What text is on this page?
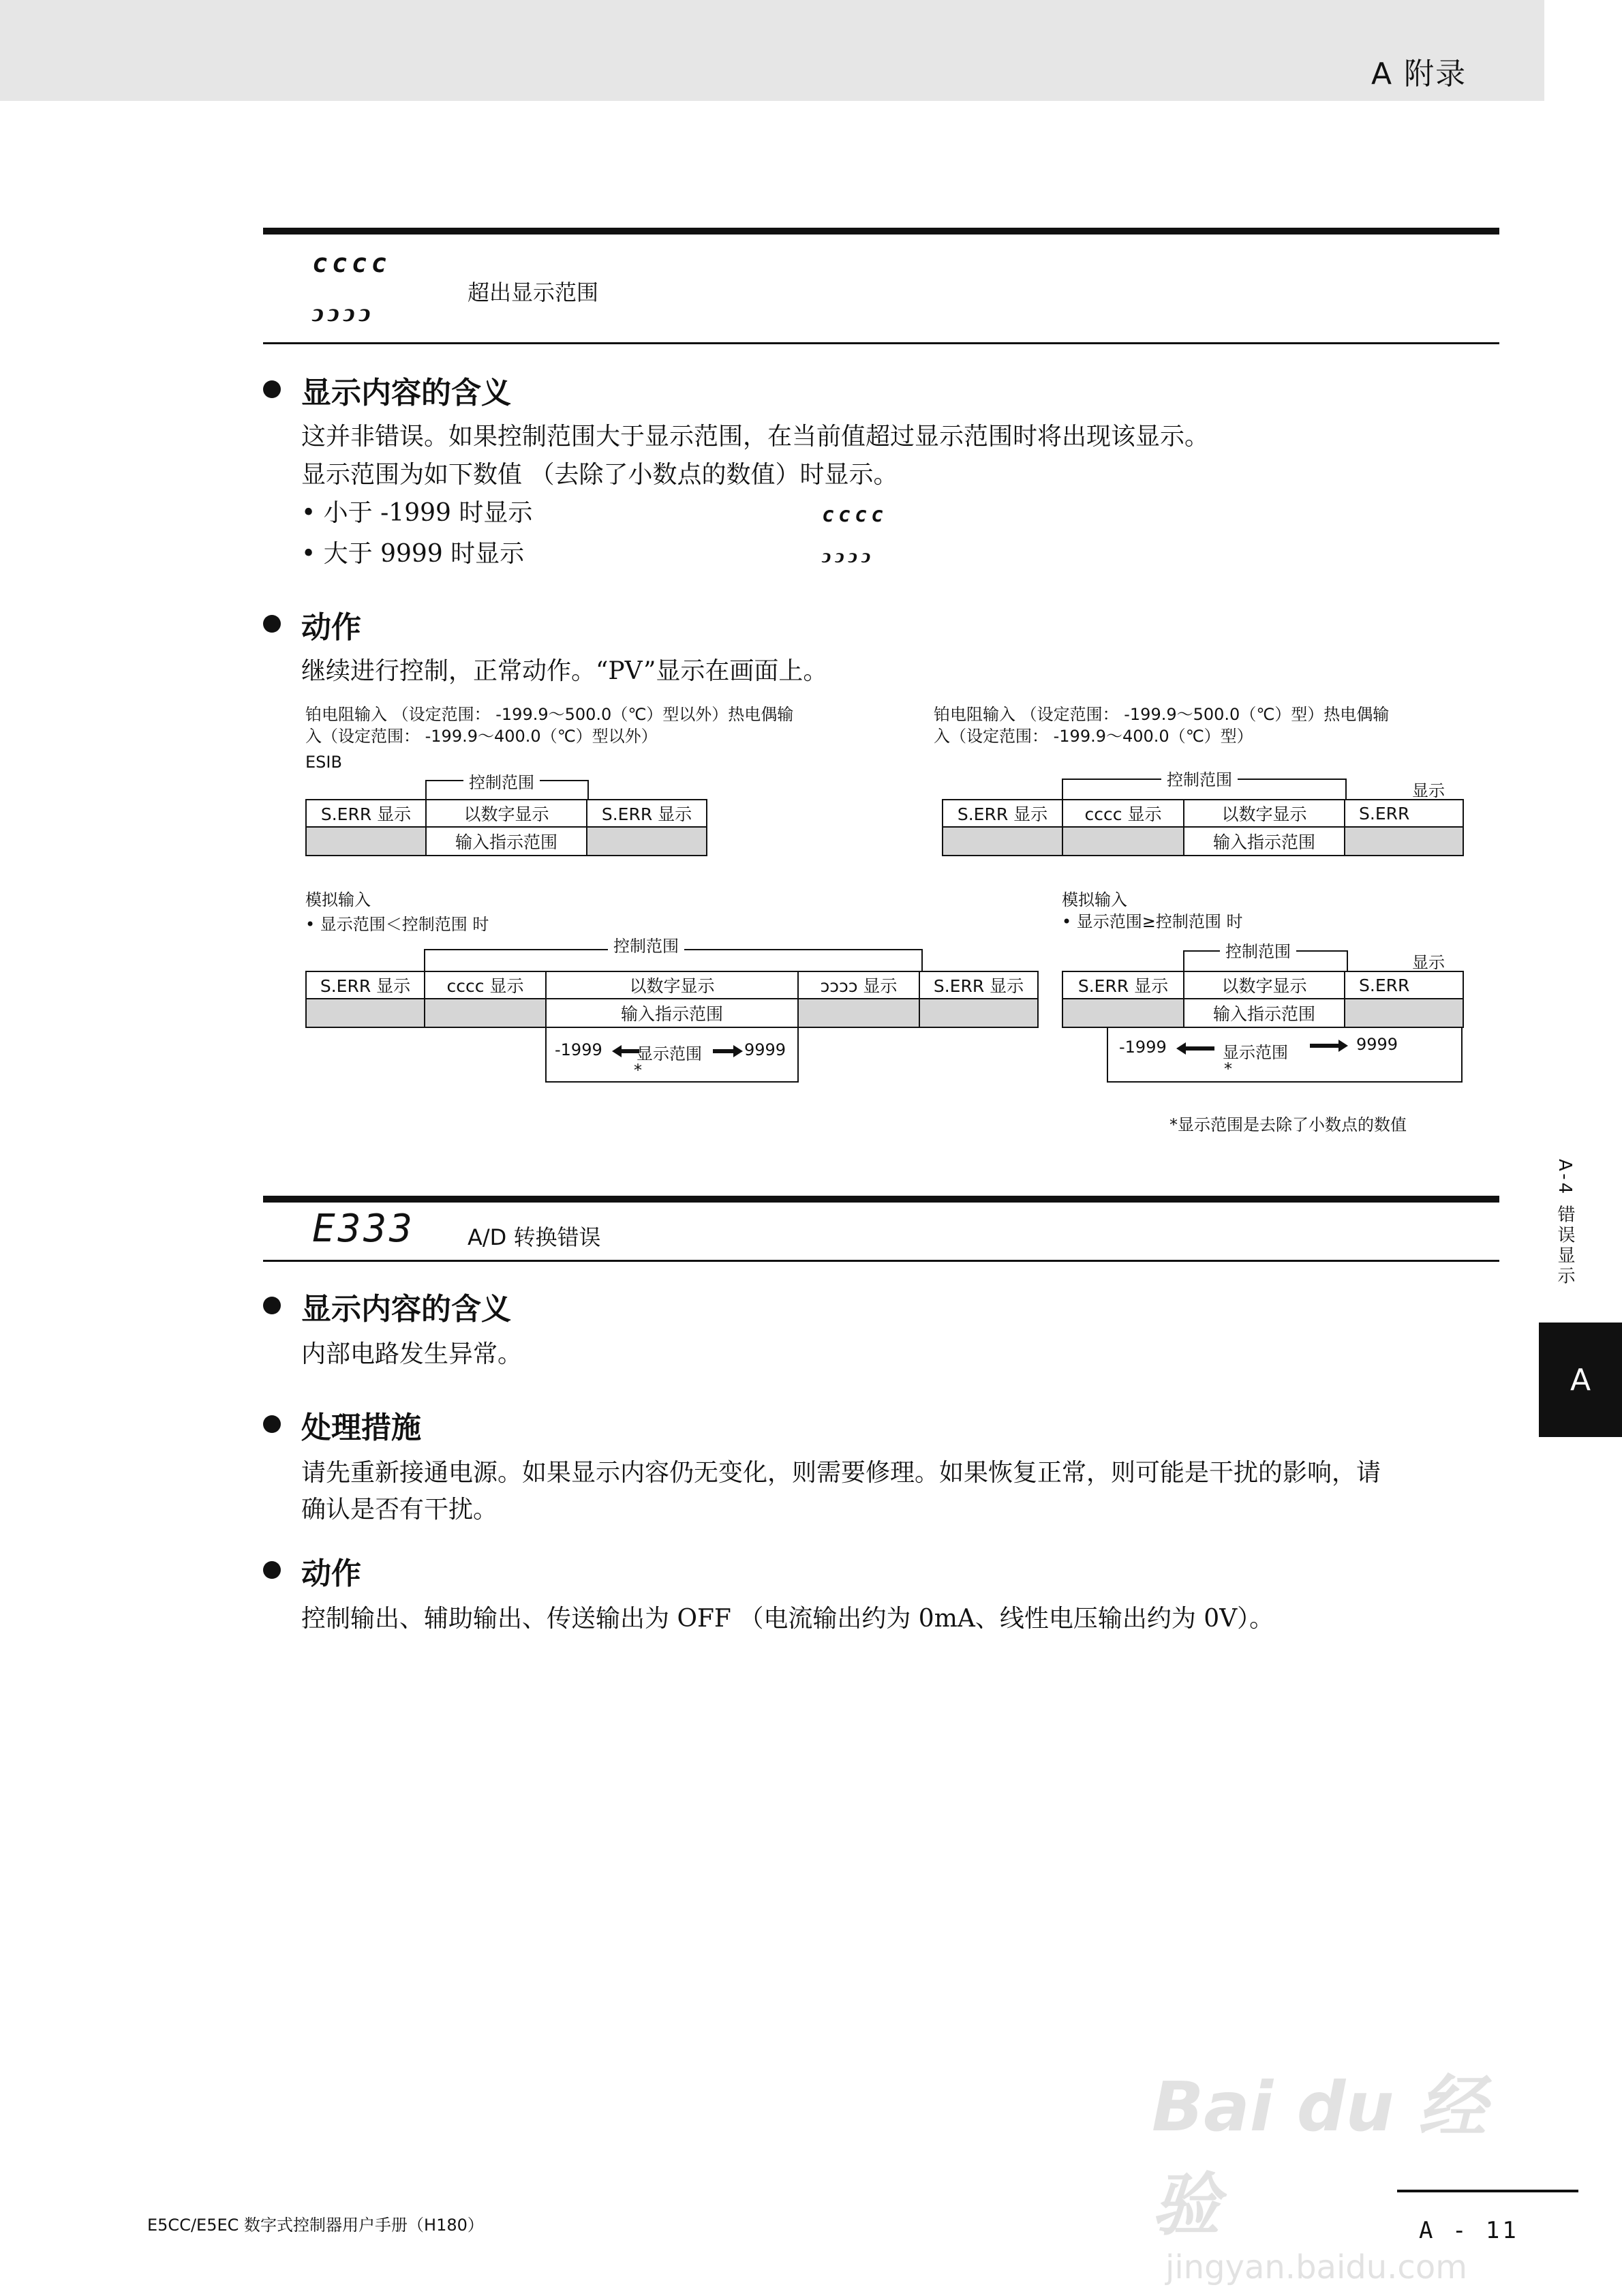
A 附录
cccc
ↄↄↄↄ
超出显示范围
显示内容的含义
这并非错误。如果控制范围大于显示范围，在当前值超过显示范围时将出现该显示。
显示范围为如下数值 （去除了小数点的数值）时显示。
• 小于 -1999 时显示	cccc
• 大于 9999 时显示	ↄↄↄↄ
动作
继续进行控制，正常动作。“PV”显示在画面上。
铂电阻输入 （设定范围： -199.9～500.0（℃）型以外）热电偶输
入（设定范围： -199.9～400.0（℃）型以外）
ESIB
控制范围
S.ERR 显示	以数字显示	S.ERR 显示
输入指示范围
铂电阻输入 （设定范围： -199.9～500.0（℃）型）热电偶输
入（设定范围： -199.9～400.0（℃）型）
控制范围
显示
S.ERR 显示	cccc 显示	以数字显示	S.ERR
输入指示范围
模拟输入
• 显示范围＜控制范围 时
控制范围
S.ERR 显示	cccc 显示	以数字显示	ↄↄↄↄ 显示	S.ERR 显示
输入指示范围
-1999 显示范围	9999
*
模拟输入
• 显示范围≥控制范围 时
控制范围
显示
S.ERR 显示	以数字显示	S.ERR
输入指示范围
-1999	显示范围	9999
*
*显示范围是去除了小数点的数值
E333 A/D 转换错误
显示内容的含义
内部电路发生异常。
处理措施
请先重新接通电源。如果显示内容仍无变化，则需要修理。如果恢复正常，则可能是干扰的影响，请
确认是否有干扰。
动作
控制输出、辅助输出、传送输出为 OFF （电流输出约为 0mA、线性电压输出约为 0V）。
A-4 错误显示
A
Bai du 经验
jingyan.baidu.com
E5CC/E5EC 数字式控制器用户手册（H180）	A - 11
